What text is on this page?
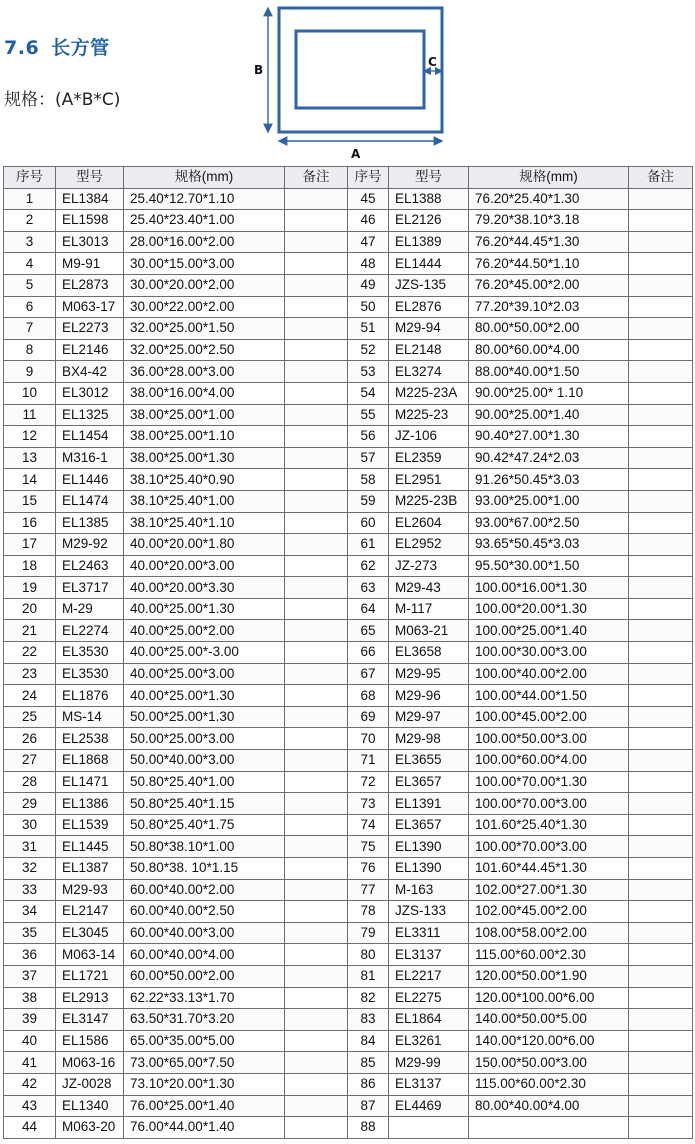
7.6 长方管
规格：(A*B*C)
B
A
C
序号	型号	规格(mm)	备注	序号	型号	规格(mm)	备注
1	EL1384	25.40*12.70*1.10		45	EL1388	76.20*25.40*1.30	
2	EL1598	25.40*23.40*1.00		46	EL2126	79.20*38.10*3.18	
3	EL3013	28.00*16.00*2.00		47	EL1389	76.20*44.45*1.30	
4	M9-91	30.00*15.00*3.00		48	EL1444	76.20*44.50*1.10	
5	EL2873	30.00*20.00*2.00		49	JZS-135	76.20*45.00*2.00	
6	M063-17	30.00*22.00*2.00		50	EL2876	77.20*39.10*2.03	
7	EL2273	32.00*25.00*1.50		51	M29-94	80.00*50.00*2.00	
8	EL2146	32.00*25.00*2.50		52	EL2148	80.00*60.00*4.00	
9	BX4-42	36.00*28.00*3.00		53	EL3274	88.00*40.00*1.50	
10	EL3012	38.00*16.00*4.00		54	M225-23A	90.00*25.00* 1.10	
11	EL1325	38.00*25.00*1.00		55	M225-23	90.00*25.00*1.40	
12	EL1454	38.00*25.00*1.10		56	JZ-106	90.40*27.00*1.30	
13	M316-1	38.00*25.00*1.30		57	EL2359	90.42*47.24*2.03	
14	EL1446	38.10*25.40*0.90		58	EL2951	91.26*50.45*3.03	
15	EL1474	38.10*25.40*1.00		59	M225-23B	93.00*25.00*1.00	
16	EL1385	38.10*25.40*1.10		60	EL2604	93.00*67.00*2.50	
17	M29-92	40.00*20.00*1.80		61	EL2952	93.65*50.45*3.03	
18	EL2463	40.00*20.00*3.00		62	JZ-273	95.50*30.00*1.50	
19	EL3717	40.00*20.00*3.30		63	M29-43	100.00*16.00*1.30	
20	M-29	40.00*25.00*1.30		64	M-117	100.00*20.00*1.30	
21	EL2274	40.00*25.00*2.00		65	M063-21	100.00*25.00*1.40	
22	EL3530	40.00*25.00*-3.00		66	EL3658	100.00*30.00*3.00	
23	EL3530	40.00*25.00*3.00		67	M29-95	100.00*40.00*2.00	
24	EL1876	40.00*25.00*1.30		68	M29-96	100.00*44.00*1.50	
25	MS-14	50.00*25.00*1.30		69	M29-97	100.00*45.00*2.00	
26	EL2538	50.00*25.00*3.00		70	M29-98	100.00*50.00*3.00	
27	EL1868	50.00*40.00*3.00		71	EL3655	100.00*60.00*4.00	
28	EL1471	50.80*25.40*1.00		72	EL3657	100.00*70.00*1.30	
29	EL1386	50.80*25.40*1.15		73	EL1391	100.00*70.00*3.00	
30	EL1539	50.80*25.40*1.75		74	EL3657	101.60*25.40*1.30	
31	EL1445	50.80*38.10*1.00		75	EL1390	100.00*70.00*3.00	
32	EL1387	50.80*38. 10*1.15		76	EL1390	101.60*44.45*1.30	
33	M29-93	60.00*40.00*2.00		77	M-163	102.00*27.00*1.30	
34	EL2147	60.00*40.00*2.50		78	JZS-133	102.00*45.00*2.00	
35	EL3045	60.00*40.00*3.00		79	EL3311	108.00*58.00*2.00	
36	M063-14	60.00*40.00*4.00		80	EL3137	115.00*60.00*2.30	
37	EL1721	60.00*50.00*2.00		81	EL2217	120.00*50.00*1.90	
38	EL2913	62.22*33.13*1.70		82	EL2275	120.00*100.00*6.00	
39	EL3147	63.50*31.70*3.20		83	EL1864	140.00*50.00*5.00	
40	EL1586	65.00*35.00*5.00		84	EL3261	140.00*120.00*6.00	
41	M063-16	73.00*65.00*7.50		85	M29-99	150.00*50.00*3.00	
42	JZ-0028	73.10*20.00*1.30		86	EL3137	115.00*60.00*2.30	
43	EL1340	76.00*25.00*1.40		87	EL4469	80.00*40.00*4.00	
44	M063-20	76.00*44.00*1.40		88			
